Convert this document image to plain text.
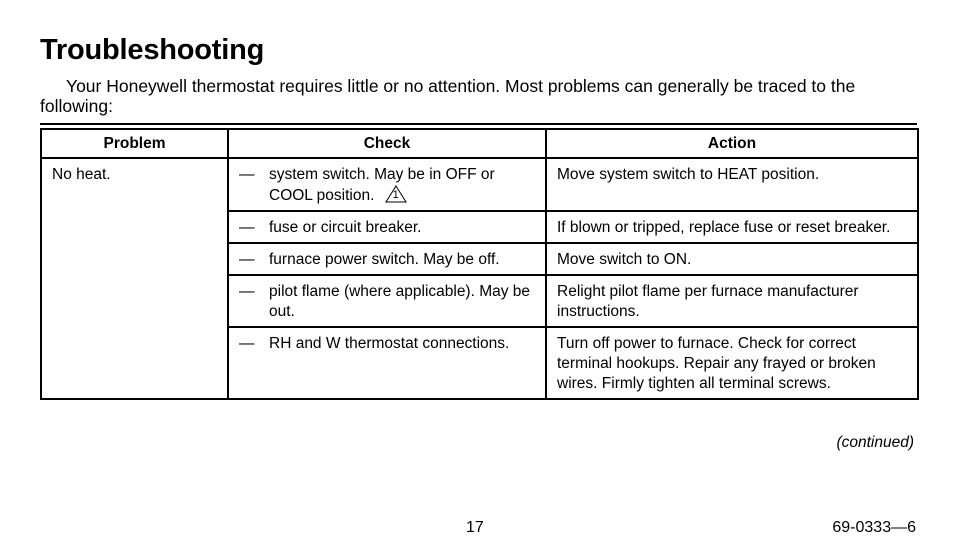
Troubleshooting

Your Honeywell thermostat requires little or no attention. Most problems can generally be traced to the following:

Problem	Check	Action
No heat.	— system switch. May be in OFF or COOL position. 1	Move system switch to HEAT position.

	— fuse or circuit breaker.	If blown or tripped, replace fuse or reset breaker.

	— furnace power switch. May be off.	Move switch to ON.

	— pilot flame (where applicable). May be out.	Relight pilot flame per furnace manufacturer instructions.

	— RH and W thermostat connections.	Turn off power to furnace. Check for correct terminal hookups. Repair any frayed or broken wires. Firmly tighten all terminal screws.
(continued)
17	69-0333—6
